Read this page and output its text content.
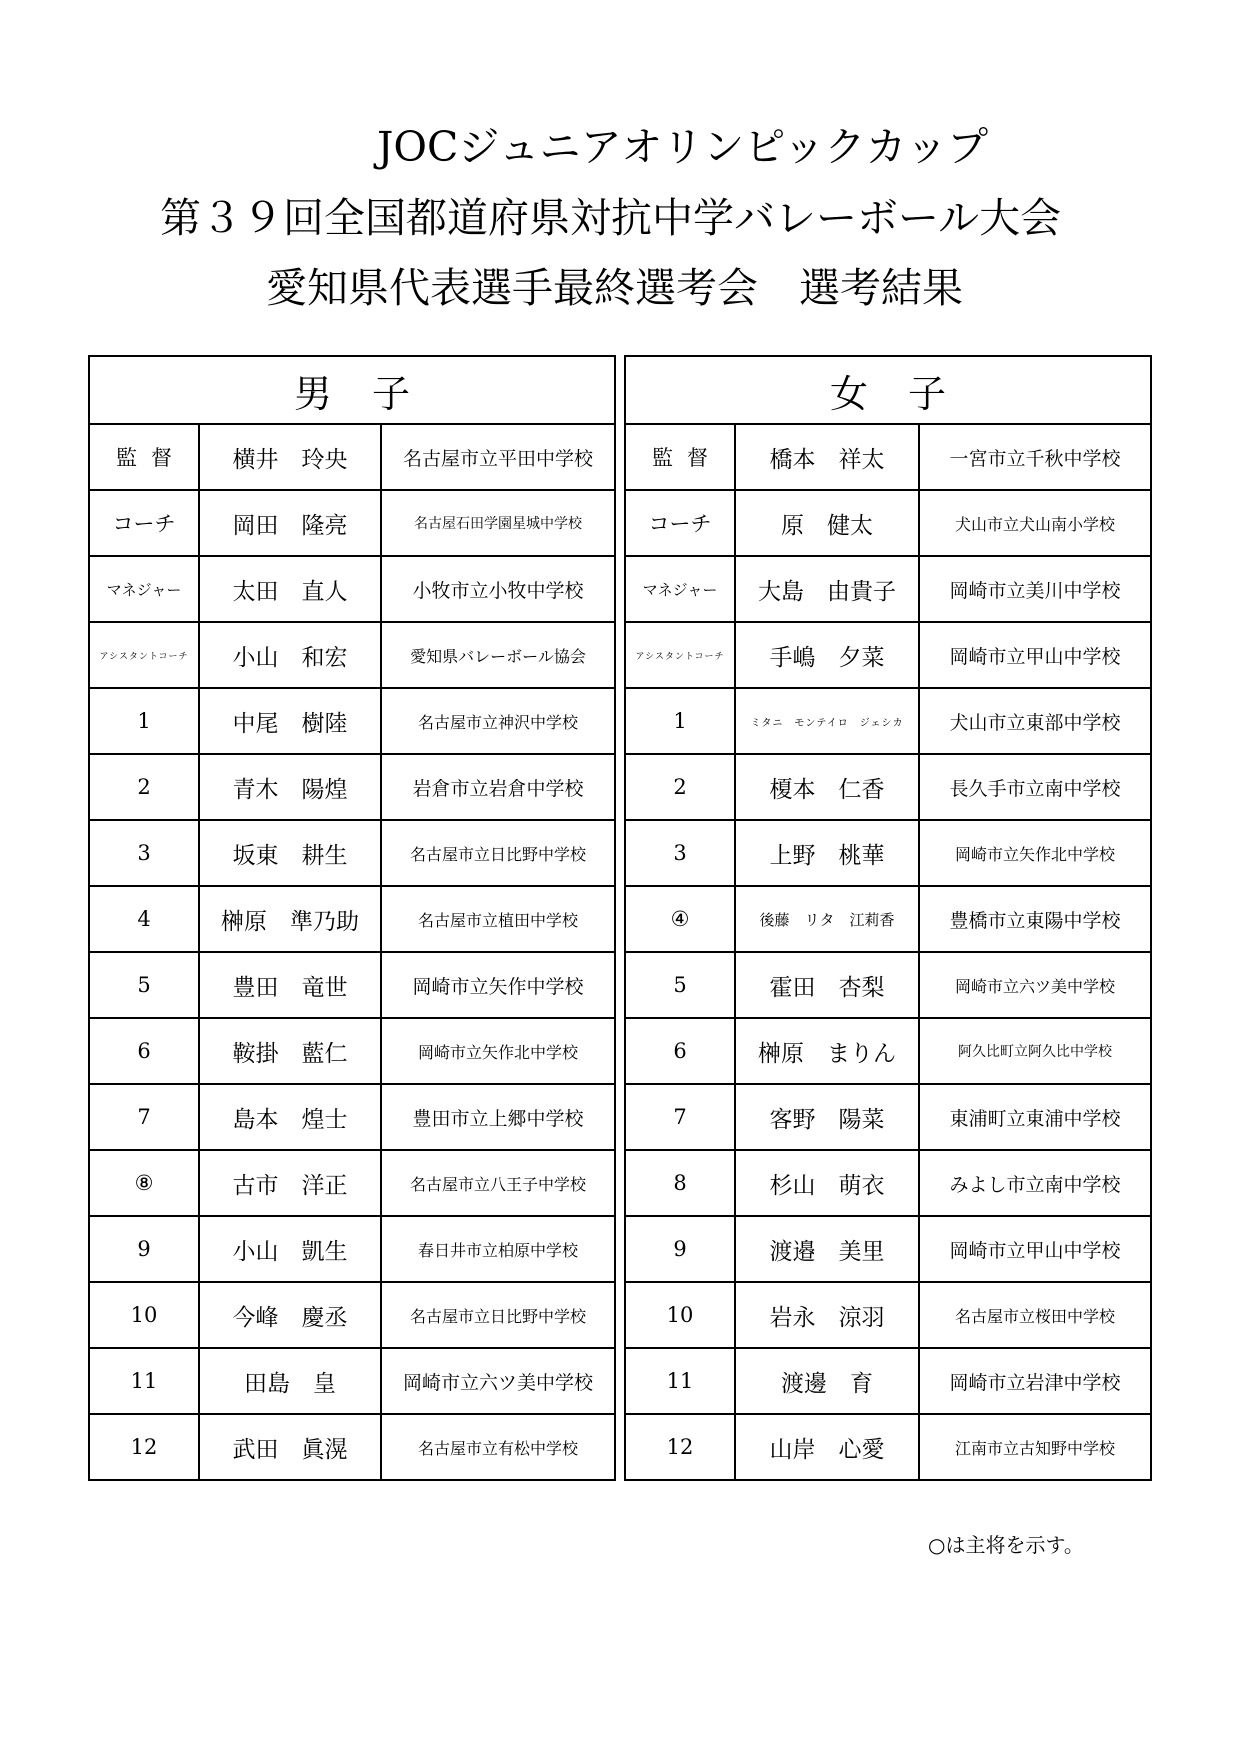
JOCジュニアオリンピックカップ
第３９回全国都道府県対抗中学バレーボール大会
愛知県代表選手最終選考会　選考結果
男子		
監督	横井　玲央	名古屋市立平田中学校
コーチ	岡田　隆亮	名古屋石田学園星城中学校
マネジャー	太田　直人	小牧市立小牧中学校
アシスタントコーチ	小山　和宏	愛知県バレーボール協会
1	中尾　樹陸	名古屋市立神沢中学校
2	青木　陽煌	岩倉市立岩倉中学校
3	坂東　耕生	名古屋市立日比野中学校
4	榊原　準乃助	名古屋市立植田中学校
5	豊田　竜世	岡崎市立矢作中学校
6	鞍掛　藍仁	岡崎市立矢作北中学校
7	島本　煌士	豊田市立上郷中学校
⑧	古市　洋正	名古屋市立八王子中学校
9	小山　凱生	春日井市立柏原中学校
10	今峰　慶丞	名古屋市立日比野中学校
11	田島　皇	岡崎市立六ツ美中学校
12	武田　眞滉	名古屋市立有松中学校
女子		
監督	橋本　祥太	一宮市立千秋中学校
コーチ	原　健太	犬山市立犬山南小学校
マネジャー	大島　由貴子	岡崎市立美川中学校
アシスタントコーチ	手嶋　夕菜	岡崎市立甲山中学校
1	ミタニ　モンテイロ　ジェシカ	犬山市立東部中学校
2	榎本　仁香	長久手市立南中学校
3	上野　桃華	岡崎市立矢作北中学校
④	後藤　リタ　江莉香	豊橋市立東陽中学校
5	霍田　杏梨	岡崎市立六ツ美中学校
6	榊原　まりん	阿久比町立阿久比中学校
7	客野　陽菜	東浦町立東浦中学校
8	杉山　萌衣	みよし市立南中学校
9	渡邉　美里	岡崎市立甲山中学校
10	岩永　涼羽	名古屋市立桜田中学校
11	渡邊　育	岡崎市立岩津中学校
12	山岸　心愛	江南市立古知野中学校
○は主将を示す。
